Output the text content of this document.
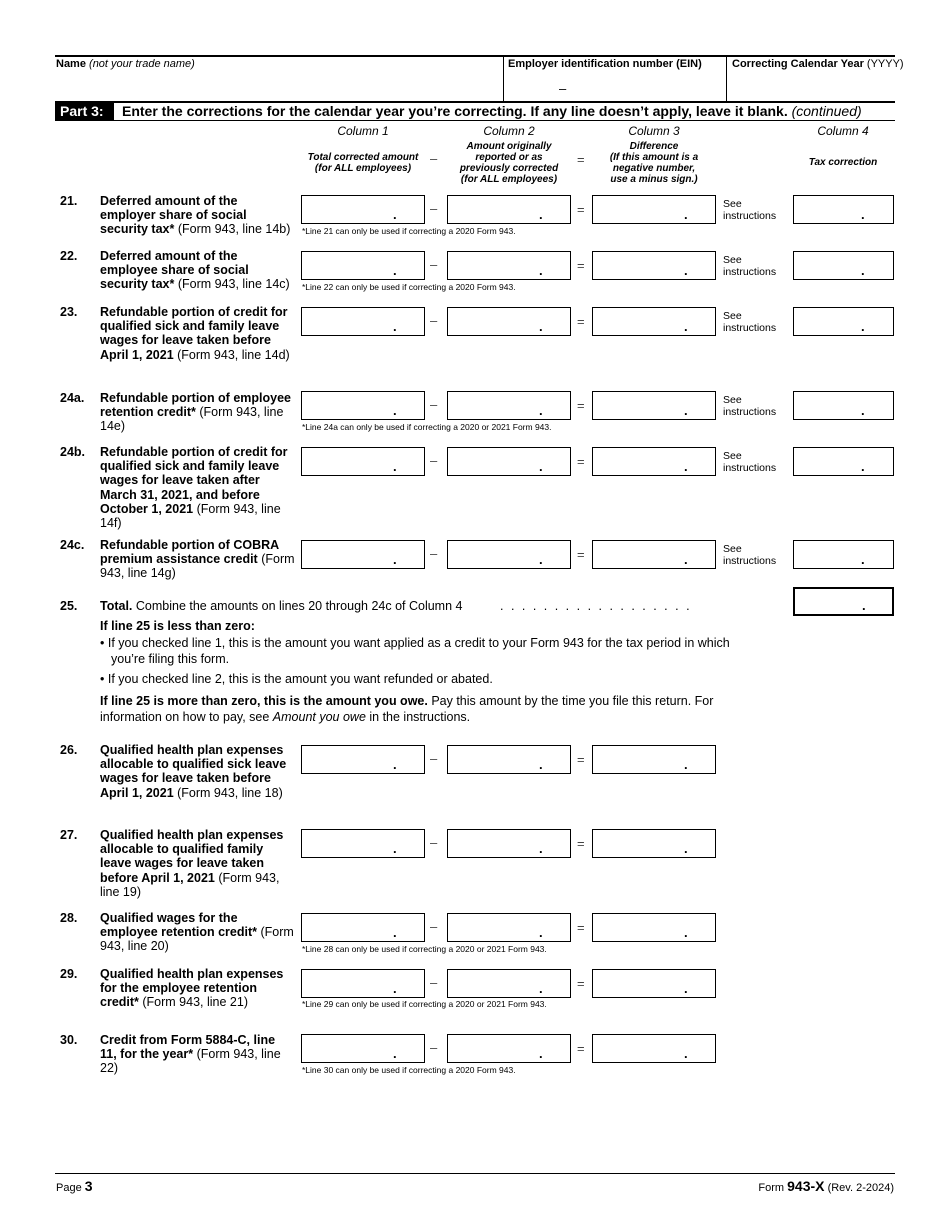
Name (not your trade name)	Employer identification number (EIN)
–
Correcting Calendar Year (YYYY)
Part 3:	Enter the corrections for the calendar year you’re correcting. If any line doesn’t apply, leave it blank. (continued)
Column 1	Column 2	Column 3	Column 4
Total corrected amount
(for ALL employees)
–
Amount originally
reported or as
previously corrected
(for ALL employees)
=
Difference
(If this amount is a
negative number,
use a minus sign.)
Tax correction
21. Deferred amount of the employer share of social security tax* (Form 943, line 14b)
.	–	.	=	.
See
instructions	.
*Line 21 can only be used if correcting a 2020 Form 943.
22. Deferred amount of the employee share of social security tax* (Form 943, line 14c)
.	–	.	=	.
See
instructions	.
*Line 22 can only be used if correcting a 2020 Form 943.
23. Refundable portion of credit for qualified sick and family leave wages for leave taken before April 1, 2021 (Form 943, line 14d)
.	–	.	=	.
See
instructions	.
24a. Refundable portion of employee retention credit* (Form 943, line 14e)
.	–	.	=	.
See
instructions	.
*Line 24a can only be used if correcting a 2020 or 2021 Form 943.
24b. Refundable portion of credit for qualified sick and family leave wages for leave taken after March 31, 2021, and before October 1, 2021 (Form 943, line 14f)
.	–	.	=	.
See
instructions	.
24c. Refundable portion of COBRA premium assistance credit (Form 943, line 14g)
.	–	.	=	.
See
instructions	.
25. Total. Combine the amounts on lines 20 through 24c of Column 4	. . . . . . . . . . . . . . . . . .	.
If line 25 is less than zero:
• If you checked line 1, this is the amount you want applied as a credit to your Form 943 for the tax period in which
you’re filing this form.
• If you checked line 2, this is the amount you want refunded or abated.
If line 25 is more than zero, this is the amount you owe. Pay this amount by the time you file this return. For
information on how to pay, see Amount you owe in the instructions.
26. Qualified health plan expenses allocable to qualified sick leave wages for leave taken before April 1, 2021 (Form 943, line 18)
.	–	.	=	.
27. Qualified health plan expenses allocable to qualified family leave wages for leave taken before April 1, 2021 (Form 943, line 19)
.	–	.	=	.
28. Qualified wages for the employee retention credit* (Form 943, line 20)
.	–	.	=	.
*Line 28 can only be used if correcting a 2020 or 2021 Form 943.
29. Qualified health plan expenses for the employee retention credit* (Form 943, line 21)
.	–	.	=	.
*Line 29 can only be used if correcting a 2020 or 2021 Form 943.
30. Credit from Form 5884-C, line 11, for the year* (Form 943, line 22)
.	–	.	=	.
*Line 30 can only be used if correcting a 2020 Form 943.
Page 3	Form 943-X (Rev. 2-2024)
